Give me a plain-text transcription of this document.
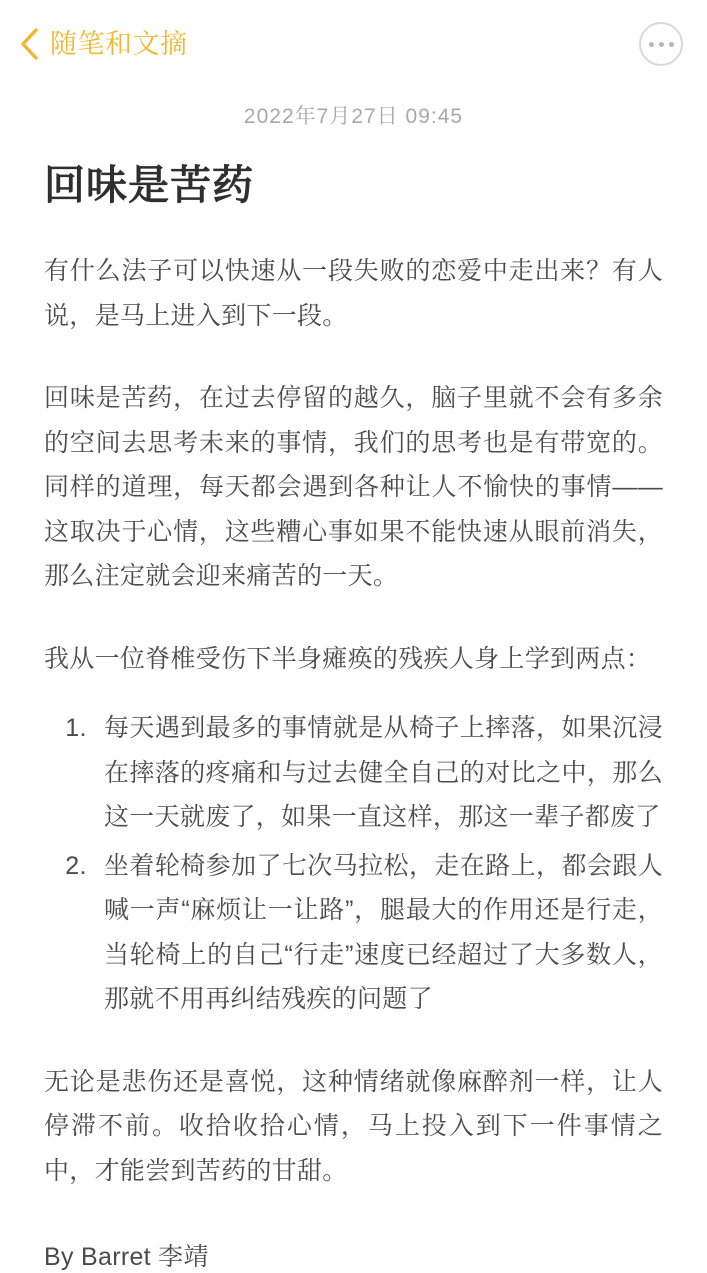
随笔和文摘
2022年7月27日 09:45
回味是苦药

有什么法子可以快速从一段失败的恋爱中走出来？有人说，是马上进入到下一段。

回味是苦药，在过去停留的越久，脑子里就不会有多余的空间去思考未来的事情，我们的思考也是有带宽的。同样的道理，每天都会遇到各种让人不愉快的事情——这取决于心情，这些糟心事如果不能快速从眼前消失，那么注定就会迎来痛苦的一天。

我从一位脊椎受伤下半身瘫痪的残疾人身上学到两点：

1. 每天遇到最多的事情就是从椅子上摔落，如果沉浸在摔落的疼痛和与过去健全自己的对比之中，那么这一天就废了，如果一直这样，那这一辈子都废了
2. 坐着轮椅参加了七次马拉松，走在路上，都会跟人喊一声“麻烦让一让路”，腿最大的作用还是行走，当轮椅上的自己“行走”速度已经超过了大多数人，那就不用再纠结残疾的问题了

无论是悲伤还是喜悦，这种情绪就像麻醉剂一样，让人停滞不前。收拾收拾心情，马上投入到下一件事情之中，才能尝到苦药的甘甜。

By Barret 李靖
